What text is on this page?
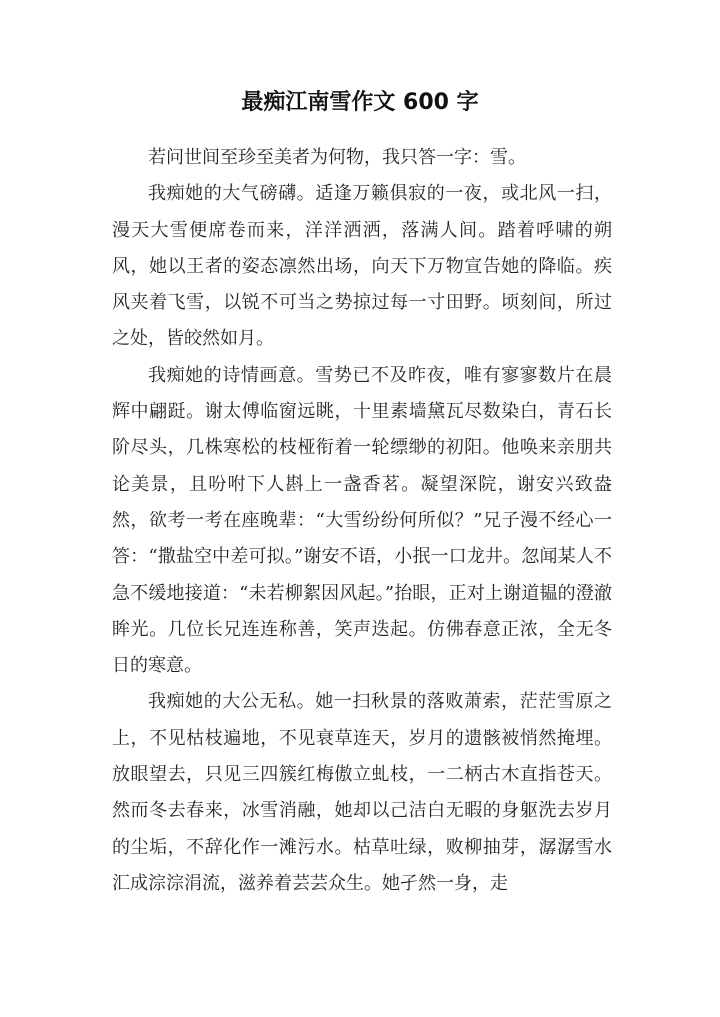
最痴江南雪作文 600 字

若问世间至珍至美者为何物，我只答一字：雪。

我痴她的大气磅礴。适逢万籁俱寂的一夜，或北风一扫，漫天大雪便席卷而来，洋洋洒洒，落满人间。踏着呼啸的朔风，她以王者的姿态凛然出场，向天下万物宣告她的降临。疾风夹着飞雪，以锐不可当之势掠过每一寸田野。顷刻间，所过之处，皆皎然如月。

我痴她的诗情画意。雪势已不及昨夜，唯有寥寥数片在晨辉中翩跹。谢太傅临窗远眺，十里素墙黛瓦尽数染白，青石长阶尽头，几株寒松的枝桠衔着一轮缥缈的初阳。他唤来亲朋共论美景，且吩咐下人斟上一盏香茗。凝望深院，谢安兴致盎然，欲考一考在座晚辈：“大雪纷纷何所似？”兄子漫不经心一答：“撒盐空中差可拟。”谢安不语，小抿一口龙井。忽闻某人不急不缓地接道：“未若柳絮因风起。”抬眼，正对上谢道韫的澄澈眸光。几位长兄连连称善，笑声迭起。仿佛春意正浓，全无冬日的寒意。

我痴她的大公无私。她一扫秋景的落败萧索，茫茫雪原之上，不见枯枝遍地，不见衰草连天，岁月的遗骸被悄然掩埋。放眼望去，只见三四簇红梅傲立虬枝，一二柄古木直指苍天。然而冬去春来，冰雪消融，她却以己洁白无暇的身躯洗去岁月的尘垢，不辞化作一滩污水。枯草吐绿，败柳抽芽，潺潺雪水汇成淙淙涓流，滋养着芸芸众生。她孑然一身，走
